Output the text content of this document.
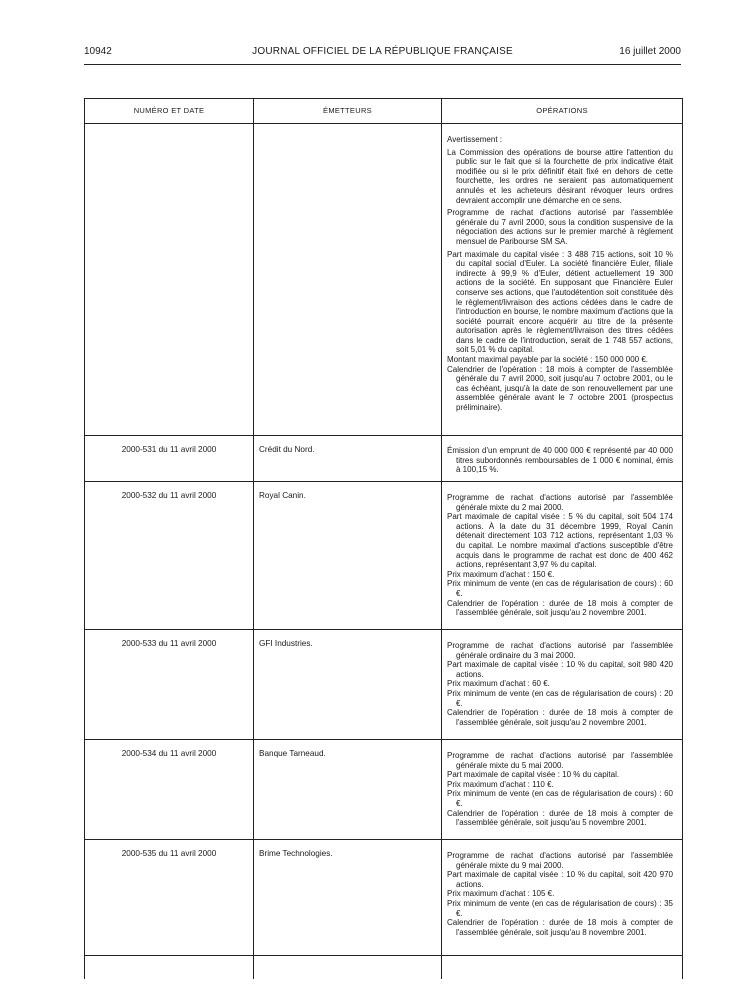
10942	JOURNAL OFFICIEL DE LA RÉPUBLIQUE FRANÇAISE	16 juillet 2000
NUMÉRO ET DATE	ÉMETTEURS	OPÉRATIONS

Avertissement :

La Commission des opérations de bourse attire l'attention du public sur le fait que si la fourchette de prix indicative était modifiée ou si le prix définitif était fixé en dehors de cette fourchette, les ordres ne seraient pas automatiquement annulés et les acheteurs désirant révoquer leurs ordres devraient accomplir une démarche en ce sens.

Programme de rachat d'actions autorisé par l'assemblée générale du 7 avril 2000, sous la condition suspensive de la négociation des actions sur le premier marché à règlement mensuel de Paribourse SM SA.

Part maximale du capital visée : 3 488 715 actions, soit 10 % du capital social d'Euler. La société financière Euler, filiale indirecte à 99,9 % d'Euler, détient actuellement 19 300 actions de la société. En supposant que Financière Euler conserve ses actions, que l'autodétention soit constituée dès le règlement/livraison des actions cédées dans le cadre de l'introduction en bourse, le nombre maximum d'actions que la société pourrait encore acquérir au titre de la présente autorisation après le règlement/livraison des titres cédées dans le cadre de l'introduction, serait de 1 748 557 actions, soit 5,01 % du capital.

Montant maximal payable par la société : 150 000 000 €.

Calendrier de l'opération : 18 mois à compter de l'assemblée générale du 7 avril 2000, soit jusqu'au 7 octobre 2001, ou le cas échéant, jusqu'à la date de son renouvellement par une assemblée générale avant le 7 octobre 2001 (prospectus préliminaire).

2000-531 du 11 avril 2000	Crédit du Nord.	Émission d'un emprunt de 40 000 000 € représenté par 40 000 titres subordonnés remboursables de 1 000 € nominal, émis à 100,15 %.

2000-532 du 11 avril 2000	Royal Canin.	Programme de rachat d'actions autorisé par l'assemblée générale mixte du 2 mai 2000.

Part maximale de capital visée : 5 % du capital, soit 504 174 actions. À la date du 31 décembre 1999, Royal Canin détenait directement 103 712 actions, représentant 1,03 % du capital. Le nombre maximal d'actions susceptible d'être acquis dans le programme de rachat est donc de 400 462 actions, représentant 3,97 % du capital.

Prix maximum d'achat : 150 €.

Prix minimum de vente (en cas de régularisation de cours) : 60 €.

Calendrier de l'opération : durée de 18 mois à compter de l'assemblée générale, soit jusqu'au 2 novembre 2001.

2000-533 du 11 avril 2000	GFI Industries.	Programme de rachat d'actions autorisé par l'assemblée générale ordinaire du 3 mai 2000.

Part maximale de capital visée : 10 % du capital, soit 980 420 actions.

Prix maximum d'achat : 60 €.

Prix minimum de vente (en cas de régularisation de cours) : 20 €.

Calendrier de l'opération : durée de 18 mois à compter de l'assemblée générale, soit jusqu'au 2 novembre 2001.

2000-534 du 11 avril 2000	Banque Tarneaud.	Programme de rachat d'actions autorisé par l'assemblée générale mixte du 5 mai 2000.

Part maximale de capital visée : 10 % du capital.

Prix maximum d'achat : 110 €.

Prix minimum de vente (en cas de régularisation de cours) : 60 €.

Calendrier de l'opération : durée de 18 mois à compter de l'assemblée générale, soit jusqu'au 5 novembre 2001.

2000-535 du 11 avril 2000	Brime Technologies.	Programme de rachat d'actions autorisé par l'assemblée générale mixte du 9 mai 2000.

Part maximale de capital visée : 10 % du capital, soit 420 970 actions.

Prix maximum d'achat : 105 €.

Prix minimum de vente (en cas de régularisation de cours) : 35 €.

Calendrier de l'opération : durée de 18 mois à compter de l'assemblée générale, soit jusqu'au 8 novembre 2001.
